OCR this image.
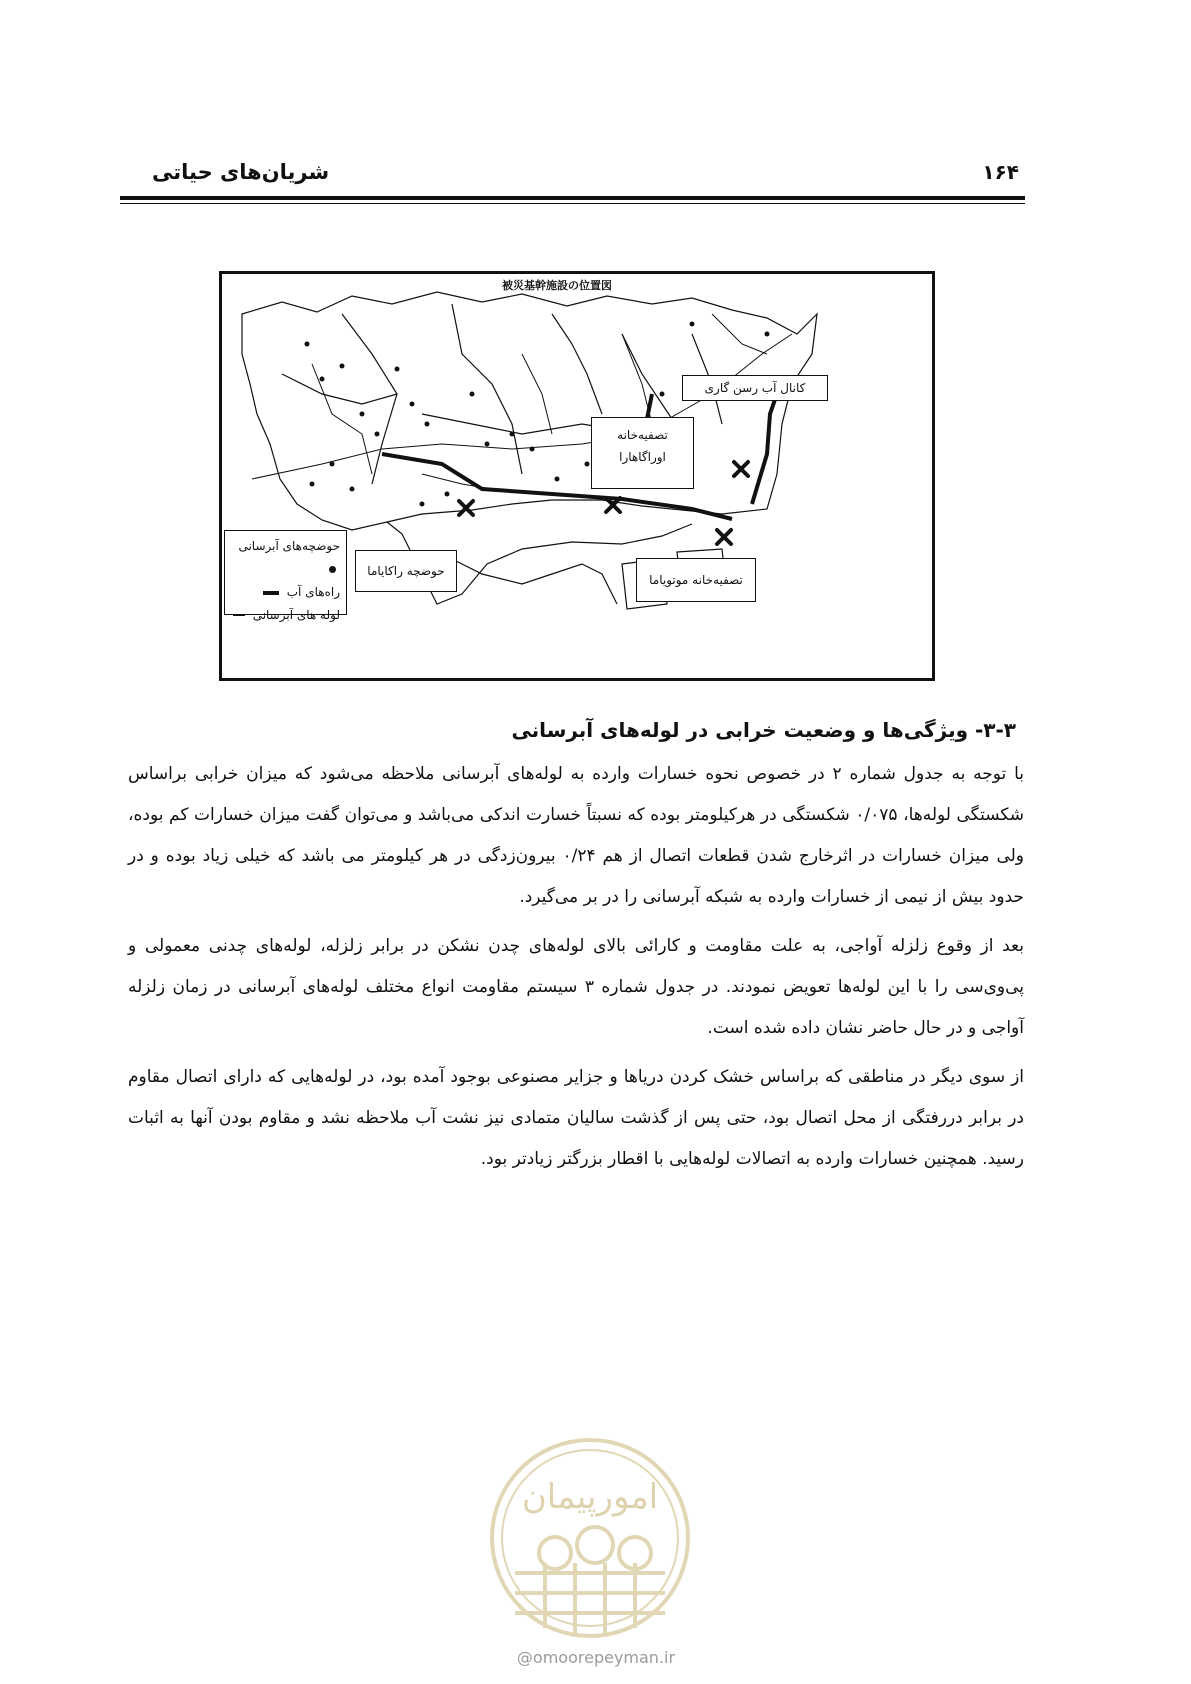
شریان‌های حیاتی	۱۶۴
被災基幹施設の位置図
کانال آب رسن گاری
تصفیه‌خانه اوراگاهارا
حوضچه راکایاما
تصفیه‌خانه موتویاما
حوضچه‌های آبرسانی
راه‌های آب
لوله های آبرسانی
۳-۳- ویژگی‌ها و وضعیت خرابی در لوله‌های آبرسانی

با توجه به جدول شماره ۲ در خصوص نحوه خسارات وارده به لوله‌های آبرسانی ملاحظه می‌شود که میزان خرابی براساس شکستگی لوله‌ها، ۰/۰۷۵ شکستگی در هرکیلومتر بوده که نسبتاً خسارت اندکی می‌باشد و می‌توان گفت میزان خسارات کم بوده، ولی میزان خسارات در اثرخارج شدن قطعات اتصال از هم ۰/۲۴ بیرون‌زدگی در هر کیلومتر می باشد که خیلی زیاد بوده و در حدود بیش از نیمی از خسارات وارده به شبکه آبرسانی را در بر می‌گیرد.

بعد از وقوع زلزله آواجی، به علت مقاومت و کارائی بالای لوله‌های چدن نشکن در برابر زلزله، لوله‌های چدنی معمولی و پی‌وی‌سی را با این لوله‌ها تعویض نمودند. در جدول شماره ۳ سیستم مقاومت انواع مختلف لوله‌های آبرسانی در زمان زلزله آواجی و در حال حاضر نشان داده شده است.

از سوی دیگر در مناطقی که براساس خشک کردن دریاها و جزایر مصنوعی بوجود آمده بود، در لوله‌هایی که دارای اتصال مقاوم در برابر دررفتگی از محل اتصال بود، حتی پس از گذشت سالیان متمادی نیز نشت آب ملاحظه نشد و مقاوم بودن آنها به اثبات رسید. همچنین خسارات وارده به اتصالات لوله‌هایی با اقطار بزرگتر زیادتر بود.

امورپیمان
@omoorepeyman.ir
